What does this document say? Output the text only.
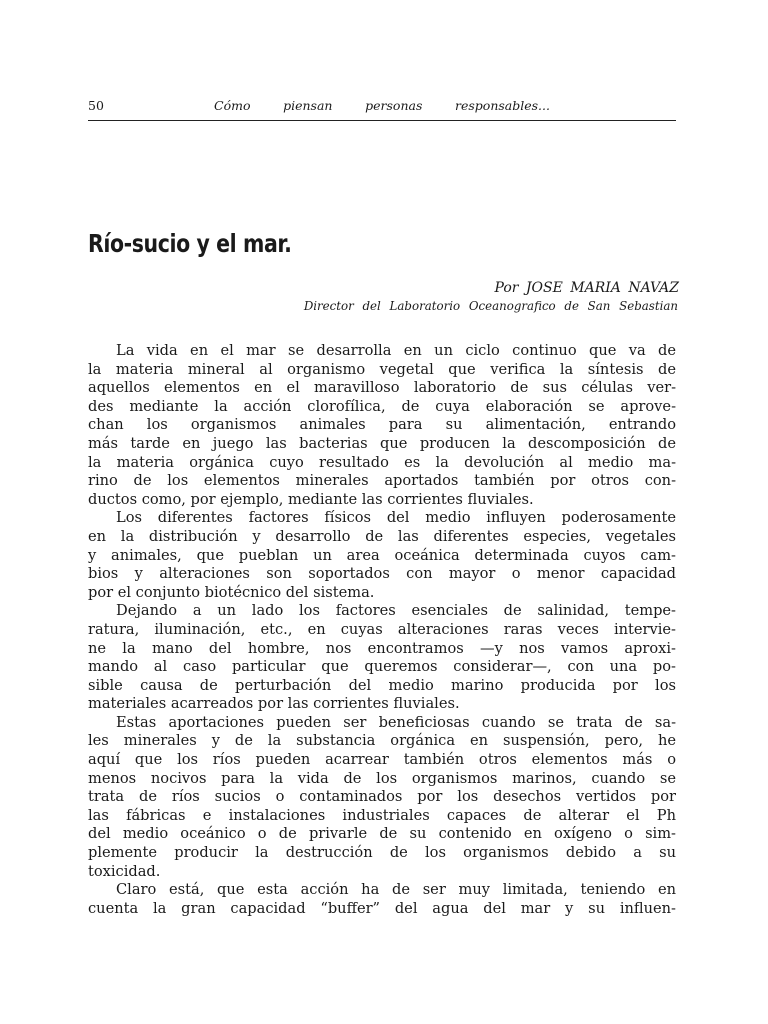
50	Cómo	piensan	personas	responsables...
Río-sucio y el mar.

Por JOSE MARIA NAVAZ

Director del Laboratorio Oceanografico de San Sebastian

La vida en el mar se desarrolla en un ciclo continuo que va de
la materia mineral al organismo vegetal que verifica la síntesis de
aquellos elementos en el maravilloso laboratorio de sus células ver-
des mediante la acción clorofílica, de cuya elaboración se aprove-
chan los organismos animales para su alimentación, entrando
más tarde en juego las bacterias que producen la descomposición de
la materia orgánica cuyo resultado es la devolución al medio ma-
rino de los elementos minerales aportados también por otros con-
ductos como, por ejemplo, mediante las corrientes fluviales.
Los diferentes factores físicos del medio influyen poderosamente
en la distribución y desarrollo de las diferentes especies, vegetales
y animales, que pueblan un area oceánica determinada cuyos cam-
bios y alteraciones son soportados con mayor o menor capacidad
por el conjunto biotécnico del sistema.
Dejando a un lado los factores esenciales de salinidad, tempe-
ratura, iluminación, etc., en cuyas alteraciones raras veces intervie-
ne la mano del hombre, nos encontramos —y nos vamos aproxi-
mando al caso particular que queremos considerar—, con una po-
sible causa de perturbación del medio marino producida por los
materiales acarreados por las corrientes fluviales.
Estas aportaciones pueden ser beneficiosas cuando se trata de sa-
les minerales y de la substancia orgánica en suspensión, pero, he
aquí que los ríos pueden acarrear también otros elementos más o
menos nocivos para la vida de los organismos marinos, cuando se
trata de ríos sucios o contaminados por los desechos vertidos por
las fábricas e instalaciones industriales capaces de alterar el Ph
del medio oceánico o de privarle de su contenido en oxígeno o sim-
plemente producir la destrucción de los organismos debido a su
toxicidad.
Claro está, que esta acción ha de ser muy limitada, teniendo en
cuenta la gran capacidad “buffer” del agua del mar y su influen-
